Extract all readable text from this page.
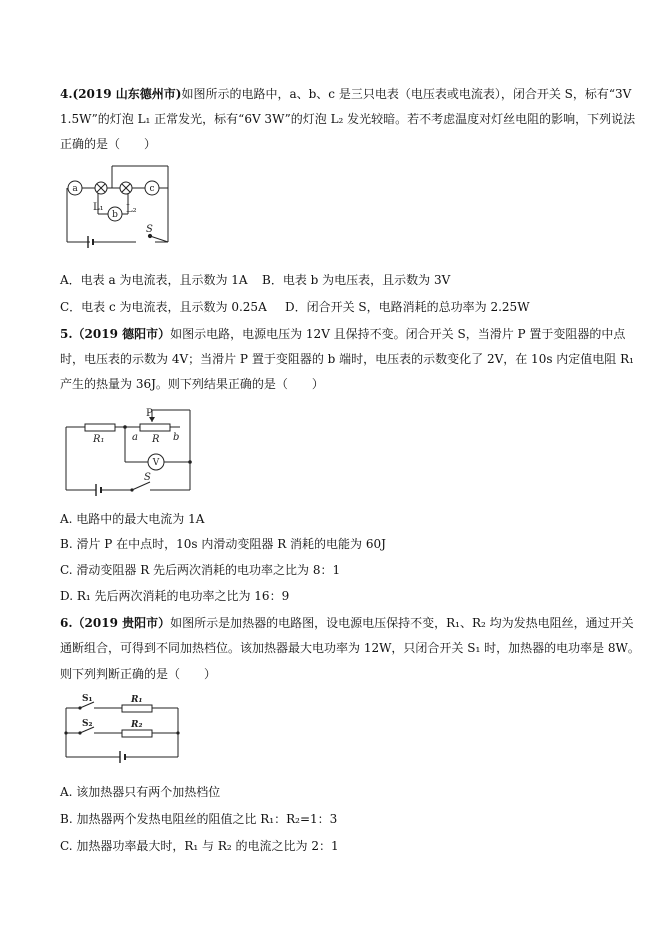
4.(2019 山东德州市)如图所示的电路中，a、b、c 是三只电表（电压表或电流表），闭合开关 S，标有“3V
1.5W”的灯泡 L₁ 正常发光，标有“6V 3W”的灯泡 L₂ 发光较暗。若不考虑温度对灯丝电阻的影响，下列说法
正确的是（　　）
a	c
b
L₁ L₂
S
A．电表 a 为电流表，且示数为 1A B．电表 b 为电压表，且示数为 3V
C．电表 c 为电流表，且示数为 0.25A D．闭合开关 S，电路消耗的总功率为 2.25W
5.（2019 德阳市）如图示电路，电源电压为 12V 且保持不变。闭合开关 S，当滑片 P 置于变阻器的中点
时，电压表的示数为 4V；当滑片 P 置于变阻器的 b 端时，电压表的示数变化了 2V，在 10s 内定值电阻 R₁
产生的热量为 36J。则下列结果正确的是（　　）
P
R₁	a R b
V
S
A. 电路中的最大电流为 1A
B. 滑片 P 在中点时，10s 内滑动变阻器 R 消耗的电能为 60J
C. 滑动变阻器 R 先后两次消耗的电功率之比为 8：1
D. R₁ 先后两次消耗的电功率之比为 16：9
6.（2019 贵阳市）如图所示是加热器的电路图，设电源电压保持不变，R₁、R₂ 均为发热电阻丝，通过开关
通断组合，可得到不同加热档位。该加热器最大电功率为 12W，只闭合开关 S₁ 时，加热器的电功率是 8W。
则下列判断正确的是（　　）
S₁	R₁
S₂	R₂
A. 该加热器只有两个加热档位
B. 加热器两个发热电阻丝的阻值之比 R₁：R₂=1：3
C. 加热器功率最大时，R₁ 与 R₂ 的电流之比为 2：1
